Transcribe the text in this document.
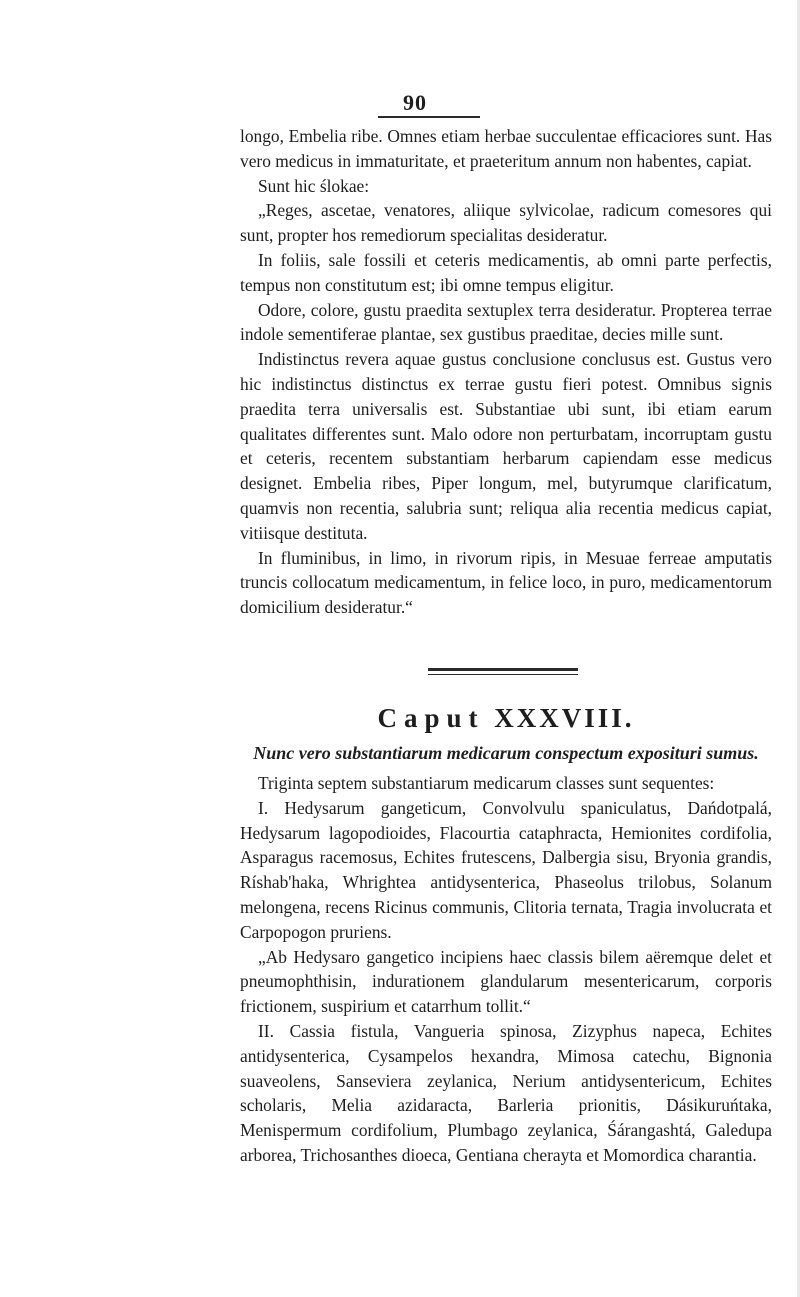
90

longo, Embelia ribe. Omnes etiam herbae succulentae efficaciores sunt. Has vero medicus in immaturitate, et praeteritum annum non habentes, capiat.

Sunt hic ślokae:

„Reges, ascetae, venatores, aliique sylvicolae, radicum comesores qui sunt, propter hos remediorum specialitas desideratur.

In foliis, sale fossili et ceteris medicamentis, ab omni parte perfectis, tempus non constitutum est; ibi omne tempus eligitur.

Odore, colore, gustu praedita sextuplex terra desideratur. Propterea terrae indole sementiferae plantae, sex gustibus praeditae, decies mille sunt.

Indistinctus revera aquae gustus conclusione conclusus est. Gustus vero hic indistinctus distinctus ex terrae gustu fieri potest. Omnibus signis praedita terra universalis est. Substantiae ubi sunt, ibi etiam earum qualitates differentes sunt. Malo odore non perturbatam, incorruptam gustu et ceteris, recentem substantiam herbarum capiendam esse medicus designet. Embelia ribes, Piper longum, mel, butyrumque clarificatum, quamvis non recentia, salubria sunt; reliqua alia recentia medicus capiat, vitiisque destituta.

In fluminibus, in limo, in rivorum ripis, in Mesuae ferreae amputatis truncis collocatum medicamentum, in felice loco, in puro, medicamentorum domicilium desideratur.“

Caput XXXVIII.
Nunc vero substantiarum medicarum conspectum exposituri sumus.

Triginta septem substantiarum medicarum classes sunt sequentes:

I. Hedysarum gangeticum, Convolvulu spaniculatus, Dańdotpalá, Hedysarum lagopodioides, Flacourtia cataphracta, Hemionites cordifolia, Asparagus racemosus, Echites frutescens, Dalbergia sisu, Bryonia grandis, Ríshab'haka, Whrightea antidysenterica, Phaseolus trilobus, Solanum melongena, recens Ricinus communis, Clitoria ternata, Tragia involucrata et Carpopogon pruriens.

„Ab Hedysaro gangetico incipiens haec classis bilem aëremque delet et pneumophthisin, indurationem glandularum mesentericarum, corporis frictionem, suspirium et catarrhum tollit.“

II. Cassia fistula, Vangueria spinosa, Zizyphus napeca, Echites antidysenterica, Cysampelos hexandra, Mimosa catechu, Bignonia suaveolens, Sanseviera zeylanica, Nerium antidysentericum, Echites scholaris, Melia azidaracta, Barleria prionitis, Dásikuruńtaka, Menispermum cordifolium, Plumbago zeylanica, Śárangashtá, Galedupa arborea, Trichosanthes dioeca, Gentiana cherayta et Momordica charantia.
